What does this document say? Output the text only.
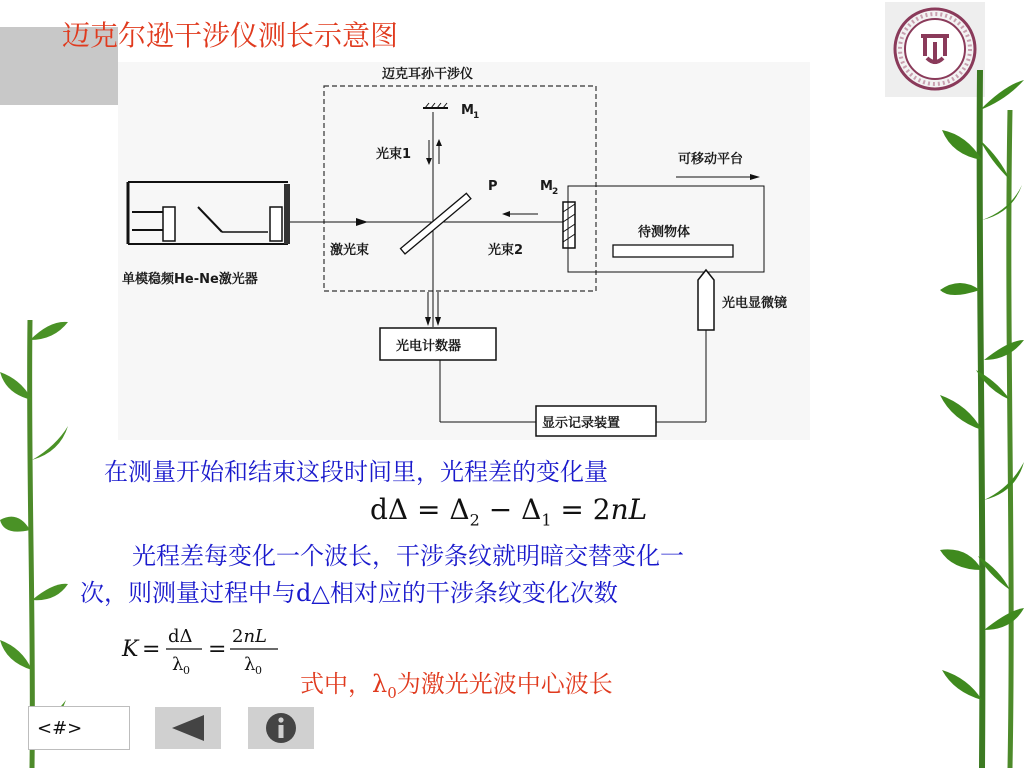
迈克尔逊干涉仪测长示意图
迈克耳孙干涉仪
单模稳频He-Ne激光器
激光束
M 1
光束1
P
光束2
M 2
待测物体
可移动平台
光电显微镜
光电计数器
显示记录装置
在测量开始和结束这段时间里，光程差的变化量
$d\Delta = \Delta_2 - \Delta_1 = 2nL$
光程差每变化一个波长，干涉条纹就明暗交替变化一
次，则测量过程中与d△相对应的干涉条纹变化次数
K =
dΔ
λ 0
=
2nL
λ 0 式中，$\lambda_0$为激光光波中心波长
<#>
